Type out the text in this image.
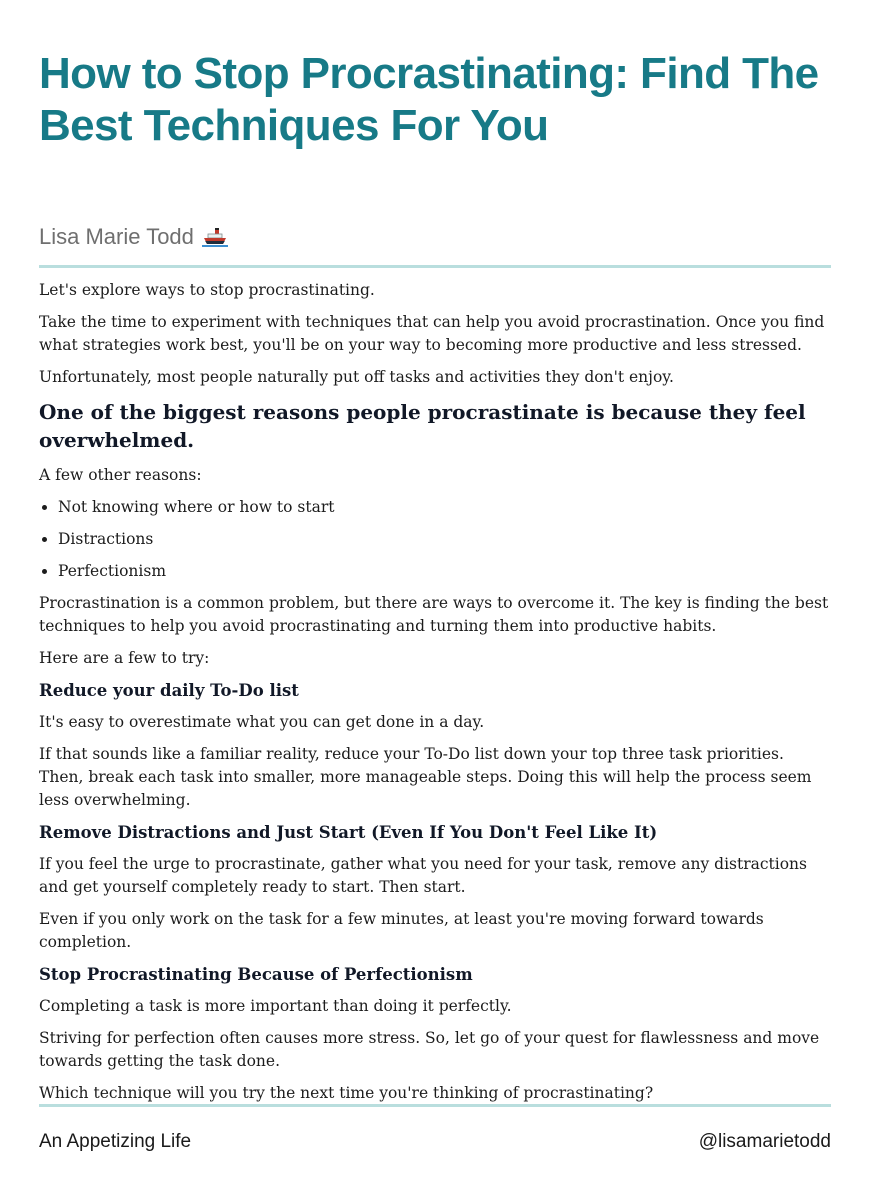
How to Stop Procrastinating: Find The Best Techniques For You
Lisa Marie Todd

Let's explore ways to stop procrastinating.

Take the time to experiment with techniques that can help you avoid procrastination. Once you find what strategies work best, you'll be on your way to becoming more productive and less stressed.

Unfortunately, most people naturally put off tasks and activities they don't enjoy.

One of the biggest reasons people procrastinate is because they feel overwhelmed.

A few other reasons:

• Not knowing where or how to start
• Distractions
• Perfectionism

Procrastination is a common problem, but there are ways to overcome it. The key is finding the best techniques to help you avoid procrastinating and turning them into productive habits.

Here are a few to try:

Reduce your daily To-Do list

It's easy to overestimate what you can get done in a day.

If that sounds like a familiar reality, reduce your To-Do list down your top three task priorities. Then, break each task into smaller, more manageable steps. Doing this will help the process seem less overwhelming.

Remove Distractions and Just Start (Even If You Don't Feel Like It)

If you feel the urge to procrastinate, gather what you need for your task, remove any distractions and get yourself completely ready to start. Then start.

Even if you only work on the task for a few minutes, at least you're moving forward towards completion.

Stop Procrastinating Because of Perfectionism

Completing a task is more important than doing it perfectly.

Striving for perfection often causes more stress. So, let go of your quest for flawlessness and move towards getting the task done.

Which technique will you try the next time you're thinking of procrastinating?

An Appetizing Life	@lisamarietodd
